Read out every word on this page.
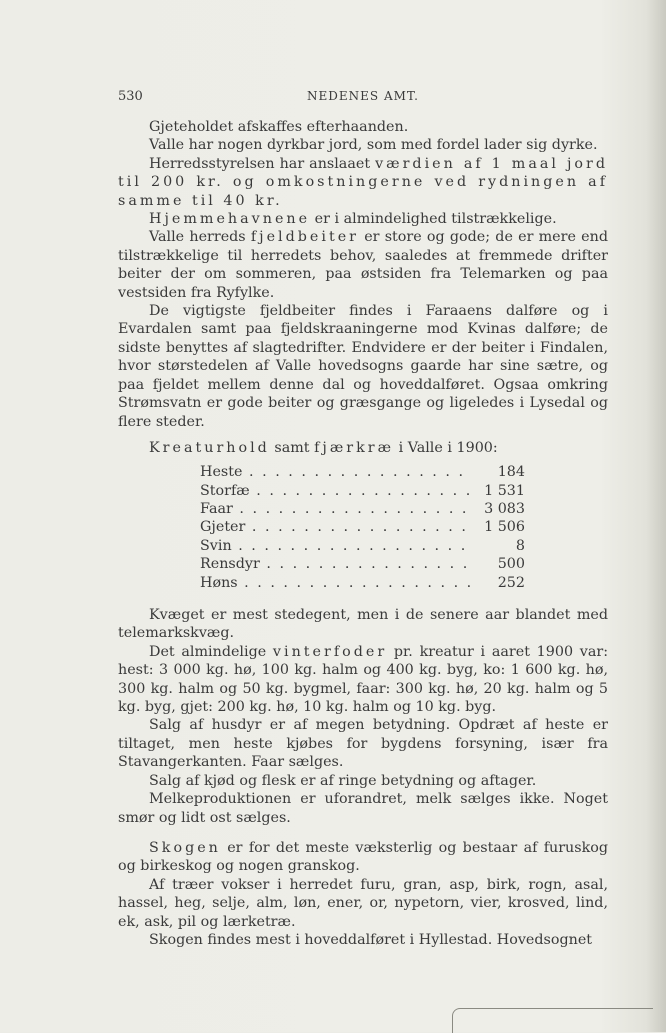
530	NEDENES AMT.

Gjeteholdet afskaffes efterhaanden.

Valle har nogen dyrkbar jord, som med fordel lader sig dyrke.

Herredsstyrelsen har anslaaet værdien af 1 maal jord til 200 kr. og omkostningerne ved rydningen af samme til 40 kr.

Hjemmehavnene er i almindelighed tilstrækkelige.

Valle herreds fjeldbeiter er store og gode; de er mere end tilstrækkelige til herredets behov, saaledes at fremmede drifter beiter der om sommeren, paa østsiden fra Telemarken og paa vestsiden fra Ryfylke.

De vigtigste fjeldbeiter findes i Faraaens dalføre og i Evardalen samt paa fjeldskraaningerne mod Kvinas dalføre; de sidste benyttes af slagtedrifter. Endvidere er der beiter i Findalen, hvor størstedelen af Valle hovedsogns gaarde har sine sætre, og paa fjeldet mellem denne dal og hoveddalføret. Ogsaa omkring Strømsvatn er gode beiter og græsgange og ligeledes i Lysedal og flere steder.

Kreaturhold samt fjærkræ i Valle i 1900:

Heste . . .	184
Storfæ . . .	1 531
Faar . . .	3 083
Gjeter . . .	1 506
Svin . . .	8
Rensdyr . . .	500
Høns . . .	252

Kvæget er mest stedegent, men i de senere aar blandet med telemarkskvæg.

Det almindelige vinterfoder pr. kreatur i aaret 1900 var: hest: 3 000 kg. hø, 100 kg. halm og 400 kg. byg, ko: 1 600 kg. hø, 300 kg. halm og 50 kg. bygmel, faar: 300 kg. hø, 20 kg. halm og 5 kg. byg, gjet: 200 kg. hø, 10 kg. halm og 10 kg. byg.

Salg af husdyr er af megen betydning. Opdræt af heste er tiltaget, men heste kjøbes for bygdens forsyning, især fra Stavangerkanten. Faar sælges.

Salg af kjød og flesk er af ringe betydning og aftager.

Melkeproduktionen er uforandret, melk sælges ikke. Noget smør og lidt ost sælges.

Skogen er for det meste væksterlig og bestaar af furuskog og birkeskog og nogen granskog.

Af træer vokser i herredet furu, gran, asp, birk, rogn, asal, hassel, heg, selje, alm, løn, ener, or, nypetorn, vier, krosved, lind, ek, ask, pil og lærketræ.

Skogen findes mest i hoveddalføret i Hyllestad. Hovedsognet
